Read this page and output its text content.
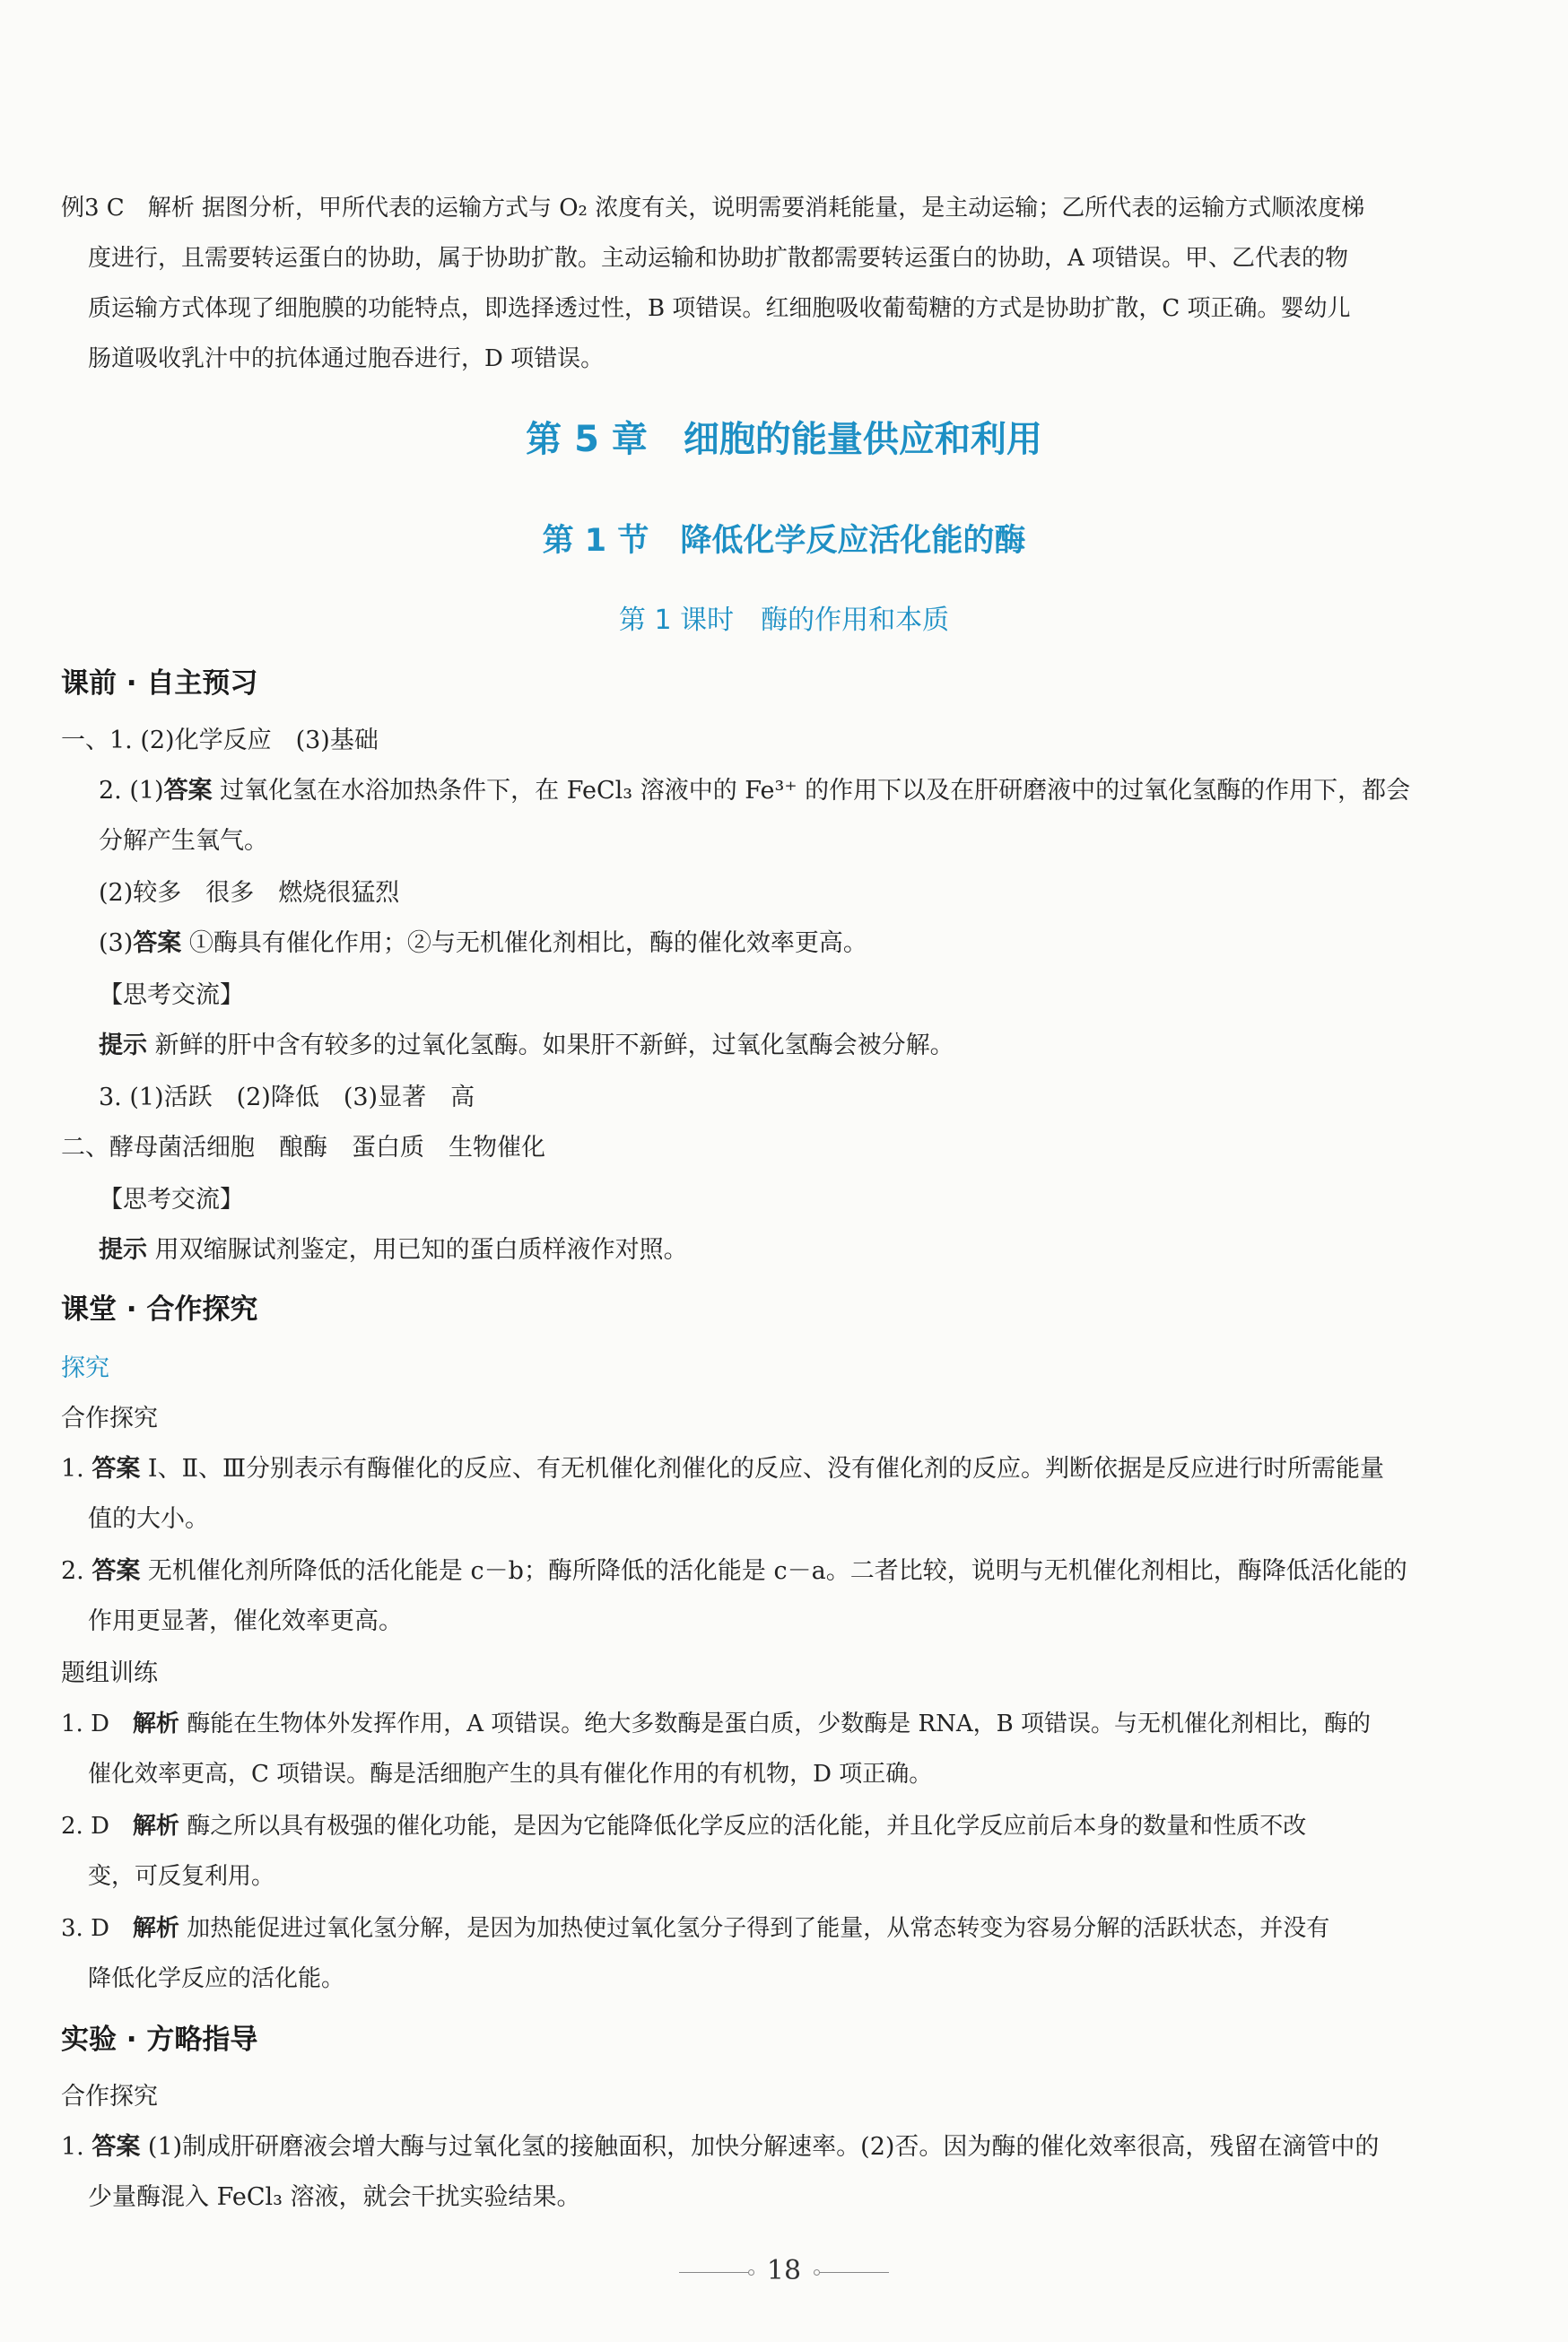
例3 C　解析 据图分析，甲所代表的运输方式与 O₂ 浓度有关，说明需要消耗能量，是主动运输；乙所代表的运输方式顺浓度梯
度进行，且需要转运蛋白的协助，属于协助扩散。主动运输和协助扩散都需要转运蛋白的协助，A 项错误。甲、乙代表的物
质运输方式体现了细胞膜的功能特点，即选择透过性，B 项错误。红细胞吸收葡萄糖的方式是协助扩散，C 项正确。婴幼儿
肠道吸收乳汁中的抗体通过胞吞进行，D 项错误。
第 5 章　细胞的能量供应和利用
第 1 节　降低化学反应活化能的酶
第 1 课时　酶的作用和本质
课前 · 自主预习
一、1. (2)化学反应　(3)基础
2. (1)答案 过氧化氢在水浴加热条件下，在 FeCl₃ 溶液中的 Fe³⁺ 的作用下以及在肝研磨液中的过氧化氢酶的作用下，都会
分解产生氧气。
(2)较多　很多　燃烧很猛烈
(3)答案 ①酶具有催化作用；②与无机催化剂相比，酶的催化效率更高。
【思考交流】
提示 新鲜的肝中含有较多的过氧化氢酶。如果肝不新鲜，过氧化氢酶会被分解。
3. (1)活跃　(2)降低　(3)显著　高
二、酵母菌活细胞　酿酶　蛋白质　生物催化
【思考交流】
提示 用双缩脲试剂鉴定，用已知的蛋白质样液作对照。
课堂 · 合作探究
探究
合作探究
1. 答案 Ⅰ、Ⅱ、Ⅲ分别表示有酶催化的反应、有无机催化剂催化的反应、没有催化剂的反应。判断依据是反应进行时所需能量
值的大小。
2. 答案 无机催化剂所降低的活化能是 c－b；酶所降低的活化能是 c－a。二者比较，说明与无机催化剂相比，酶降低活化能的
作用更显著，催化效率更高。
题组训练
1. D　解析 酶能在生物体外发挥作用，A 项错误。绝大多数酶是蛋白质，少数酶是 RNA，B 项错误。与无机催化剂相比，酶的
催化效率更高，C 项错误。酶是活细胞产生的具有催化作用的有机物，D 项正确。
2. D　解析 酶之所以具有极强的催化功能，是因为它能降低化学反应的活化能，并且化学反应前后本身的数量和性质不改
变，可反复利用。
3. D　解析 加热能促进过氧化氢分解，是因为加热使过氧化氢分子得到了能量，从常态转变为容易分解的活跃状态，并没有
降低化学反应的活化能。
实验 · 方略指导
合作探究
1. 答案 (1)制成肝研磨液会增大酶与过氧化氢的接触面积，加快分解速率。(2)否。因为酶的催化效率很高，残留在滴管中的
少量酶混入 FeCl₃ 溶液，就会干扰实验结果。
18
